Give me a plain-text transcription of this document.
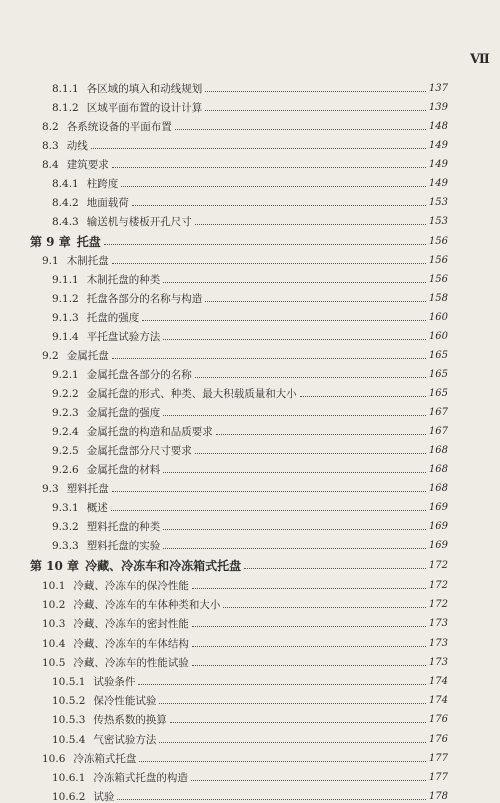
Ⅶ
8.1.1 各区域的填入和动线规划	137
8.1.2 区域平面布置的设计计算	139
8.2 各系统设备的平面布置	148
8.3 动线	149
8.4 建筑要求	149
8.4.1 柱跨度	149
8.4.2 地面载荷	153
8.4.3 输送机与楼板开孔尺寸	153
第 9 章 托盘	156
9.1 木制托盘	156
9.1.1 木制托盘的种类	156
9.1.2 托盘各部分的名称与构造	158
9.1.3 托盘的强度	160
9.1.4 平托盘试验方法	160
9.2 金属托盘	165
9.2.1 金属托盘各部分的名称	165
9.2.2 金属托盘的形式、种类、最大积载质量和大小	165
9.2.3 金属托盘的强度	167
9.2.4 金属托盘的构造和品质要求	167
9.2.5 金属托盘部分尺寸要求	168
9.2.6 金属托盘的材料	168
9.3 塑料托盘	168
9.3.1 概述	169
9.3.2 塑料托盘的种类	169
9.3.3 塑料托盘的实验	169
第 10 章 冷藏、冷冻车和冷冻箱式托盘	172
10.1 冷藏、冷冻车的保冷性能	172
10.2 冷藏、冷冻车的车体种类和大小	172
10.3 冷藏、冷冻车的密封性能	173
10.4 冷藏、冷冻车的车体结构	173
10.5 冷藏、冷冻车的性能试验	173
10.5.1 试验条件	174
10.5.2 保冷性能试验	174
10.5.3 传热系数的换算	176
10.5.4 气密试验方法	176
10.6 冷冻箱式托盘	177
10.6.1 冷冻箱式托盘的构造	177
10.6.2 试验	178
